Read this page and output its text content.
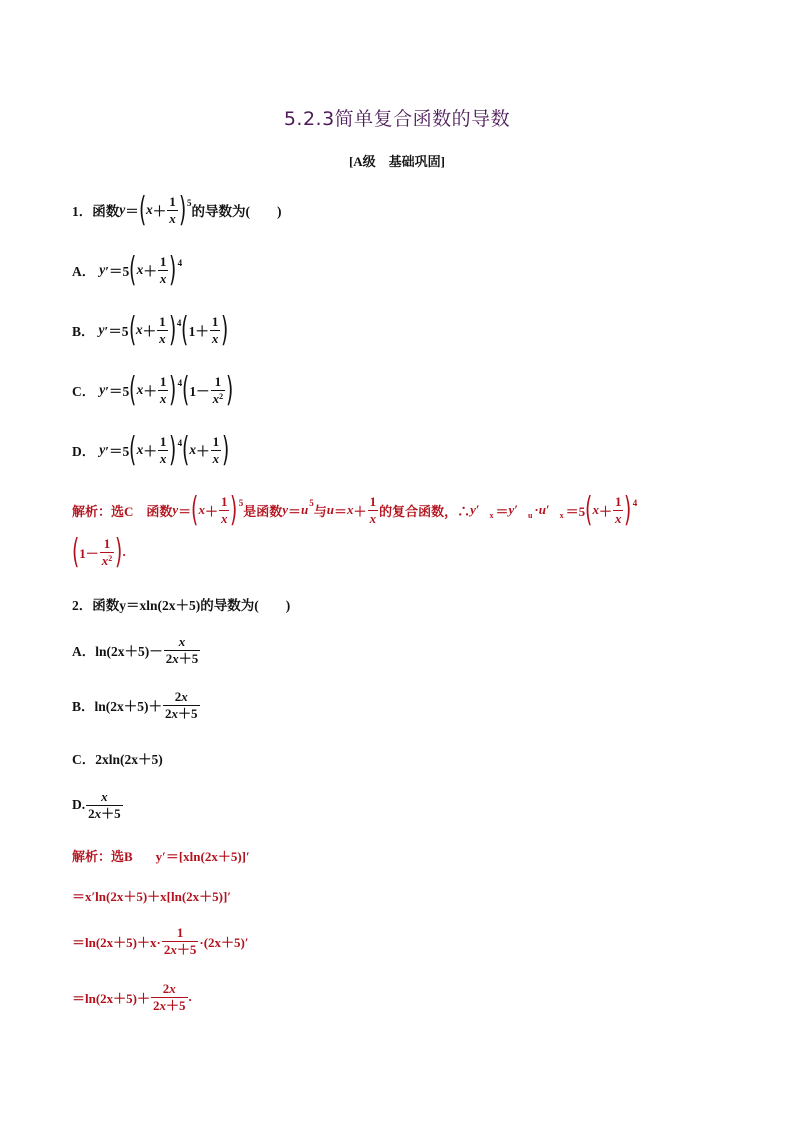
5.2.3简单复合函数的导数
[A级　基础巩固]
1．函数 y ＝ ( $x + \frac{1}{x}$ ) 5
的导数为(　　)
A． y ′＝5 ( $x + \frac{1}{x}$ ) 4
B． y ′＝5 ( $x + \frac{1}{x}$ ) 4 ( $1+ \frac{1}{x}$ )
C． y ′＝5 ( $x + \frac{1}{x}$ ) 4 ( $1- \frac{1}{x^2}$ )
D． y ′＝5 ( $x + \frac{1}{x}$ ) 4 ( $x + \frac{1}{x}$ )
解析：选C　函数 y ＝ ( $x + \frac{1}{x}$ ) 5
是函数 y ＝ u 5
与 $u = x + \frac{1}{x}$ 的复合函数，∴ y ′ x ＝ y ′ u · u ′ x ＝5 ( $x + \frac{1}{x}$ ) 4
( $1- \frac{1}{x^2}$ ) .
2．函数y＝xln(2x＋5)的导数为(　　)
A．$\ln(2x+5)- \frac{x}{2x+5}$
B．$\ln(2x+5)+ \frac{2x}{2x+5}$
C．2xln(2x＋5)
D. $\frac{x}{2x+5}$
解析：选B　 y′＝[xln(2x＋5)]′
＝x′ln(2x＋5)＋x[ln(2x＋5)]′
$=\ln(2x+5)+x\cdot \frac{1}{2x+5} \cdot(2x+5)'$
$=\ln(2x+5)+ \frac{2x}{2x+5}$ .
